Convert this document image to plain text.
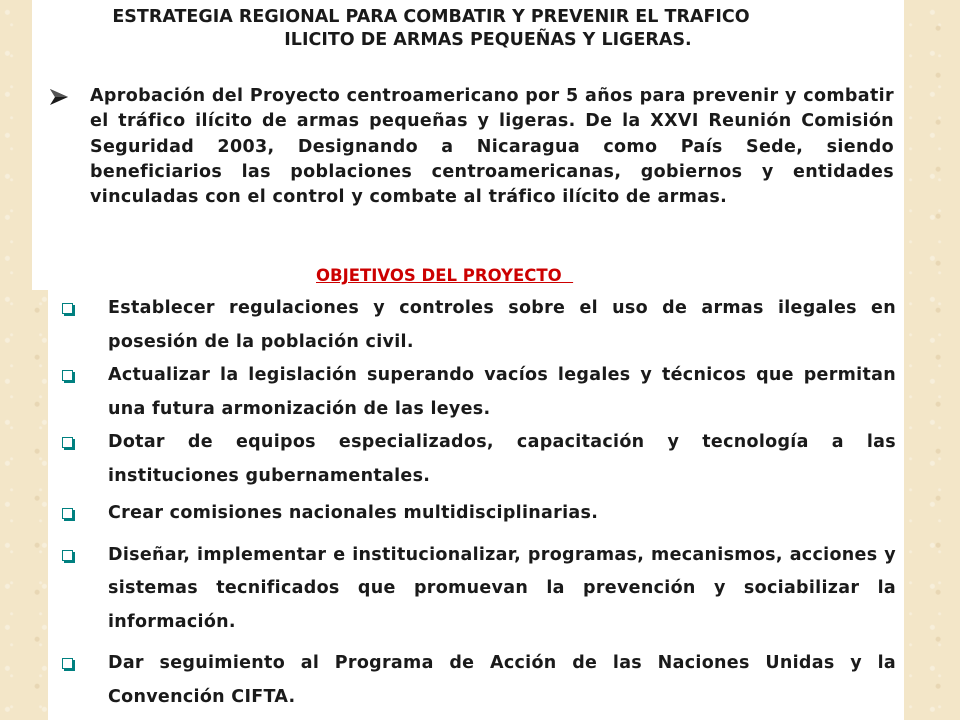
ESTRATEGIA REGIONAL PARA COMBATIR Y PREVENIR EL TRAFICO
ILICITO DE ARMAS PEQUEÑAS Y LIGERAS.

Aprobación del Proyecto centroamericano por 5 años para prevenir y combatir el tráfico ilícito de armas pequeñas y ligeras. De la XXVI Reunión Comisión Seguridad 2003, Designando a Nicaragua como País Sede, siendo beneficiarios las poblaciones centroamericanas, gobiernos y entidades vinculadas con el control y combate al tráfico ilícito de armas.

OBJETIVOS DEL PROYECTO
Establecer regulaciones y controles sobre el uso de armas ilegales en posesión de la población civil.
Actualizar la legislación superando vacíos legales y técnicos que permitan una futura armonización de las leyes.
Dotar de equipos especializados, capacitación y tecnología a las instituciones gubernamentales.
Crear comisiones nacionales multidisciplinarias.
Diseñar, implementar e institucionalizar, programas, mecanismos, acciones y sistemas tecnificados que promuevan la prevención y sociabilizar la información.
Dar seguimiento al Programa de Acción de las Naciones Unidas y la Convención CIFTA.
